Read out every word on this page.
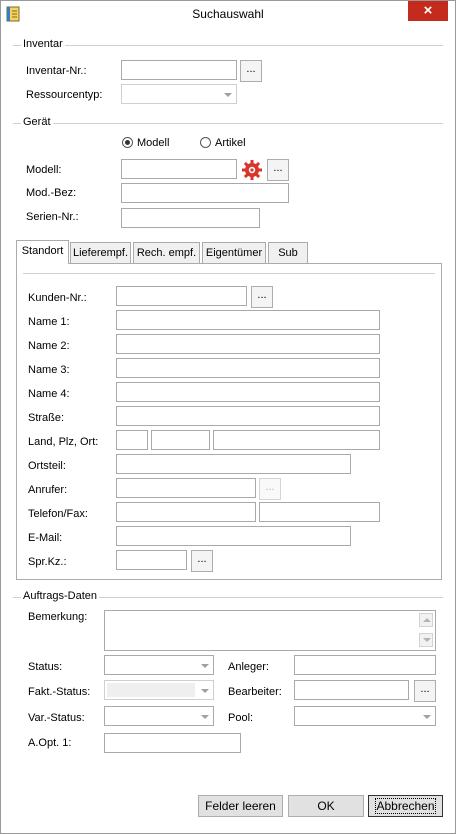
Suchauswahl	×
Inventar
Inventar-Nr.:	...
Ressourcentyp:
Gerät
Modell	Artikel
Modell:	...
Mod.-Bez:
Serien-Nr.:
Standort Lieferempf. Rech. empf. Eigentümer	Sub
Kunden-Nr.:	...
Name 1:
Name 2:
Name 3:
Name 4:
Straße:
Land, Plz, Ort:
Ortsteil:
Anrufer:	...
Telefon/Fax:
E-Mail:
Spr.Kz.:	...
Auftrags-Daten
Bemerkung:
Status:	Anleger:
Fakt.-Status:	Bearbeiter:	...
Var.-Status:	Pool:
A.Opt. 1:
Felder leeren	OK	Abbrechen
